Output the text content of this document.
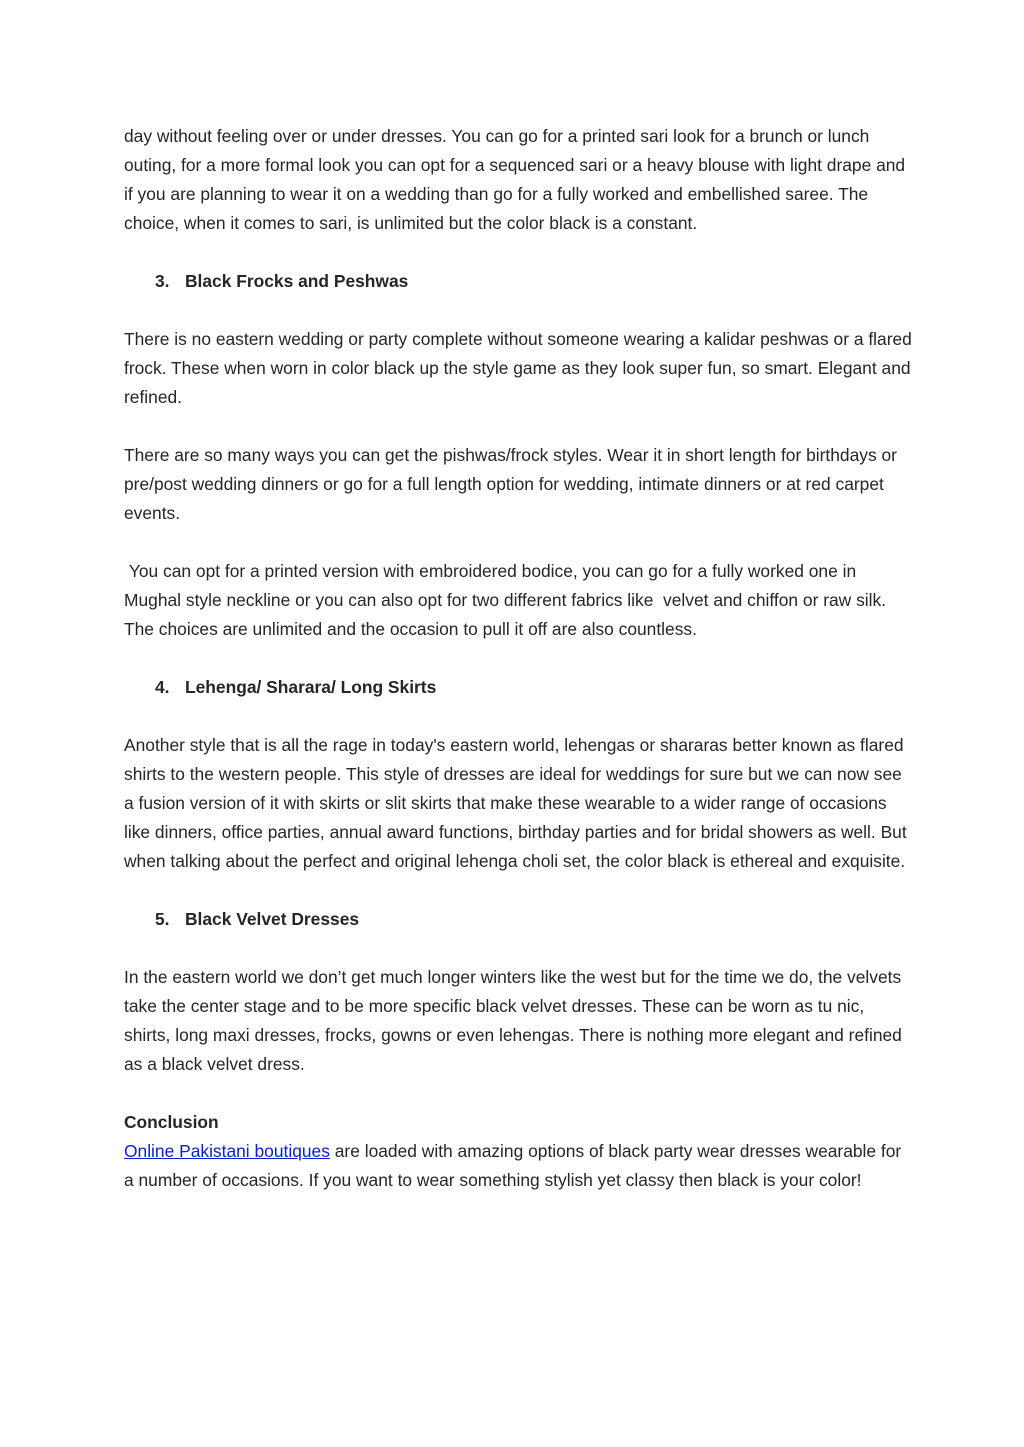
day without feeling over or under dresses. You can go for a printed sari look for a brunch or lunch outing, for a more formal look you can opt for a sequenced sari or a heavy blouse with light drape and if you are planning to wear it on a wedding than go for a fully worked and embellished saree. The choice, when it comes to sari, is unlimited but the color black is a constant.

3. Black Frocks and Peshwas

There is no eastern wedding or party complete without someone wearing a kalidar peshwas or a flared frock. These when worn in color black up the style game as they look super fun, so smart. Elegant and refined.

There are so many ways you can get the pishwas/frock styles. Wear it in short length for birthdays or pre/post wedding dinners or go for a full length option for wedding, intimate dinners or at red carpet events.

You can opt for a printed version with embroidered bodice, you can go for a fully worked one in Mughal style neckline or you can also opt for two different fabrics like  velvet and chiffon or raw silk. The choices are unlimited and the occasion to pull it off are also countless.

4. Lehenga/ Sharara/ Long Skirts

Another style that is all the rage in today's eastern world, lehengas or shararas better known as flared shirts to the western people. This style of dresses are ideal for weddings for sure but we can now see a fusion version of it with skirts or slit skirts that make these wearable to a wider range of occasions like dinners, office parties, annual award functions, birthday parties and for bridal showers as well. But when talking about the perfect and original lehenga choli set, the color black is ethereal and exquisite.

5. Black Velvet Dresses

In the eastern world we don’t get much longer winters like the west but for the time we do, the velvets take the center stage and to be more specific black velvet dresses. These can be worn as tu nic, shirts, long maxi dresses, frocks, gowns or even lehengas. There is nothing more elegant and refined as a black velvet dress.

Conclusion

Online Pakistani boutiques are loaded with amazing options of black party wear dresses wearable for a number of occasions. If you want to wear something stylish yet classy then black is your color!
